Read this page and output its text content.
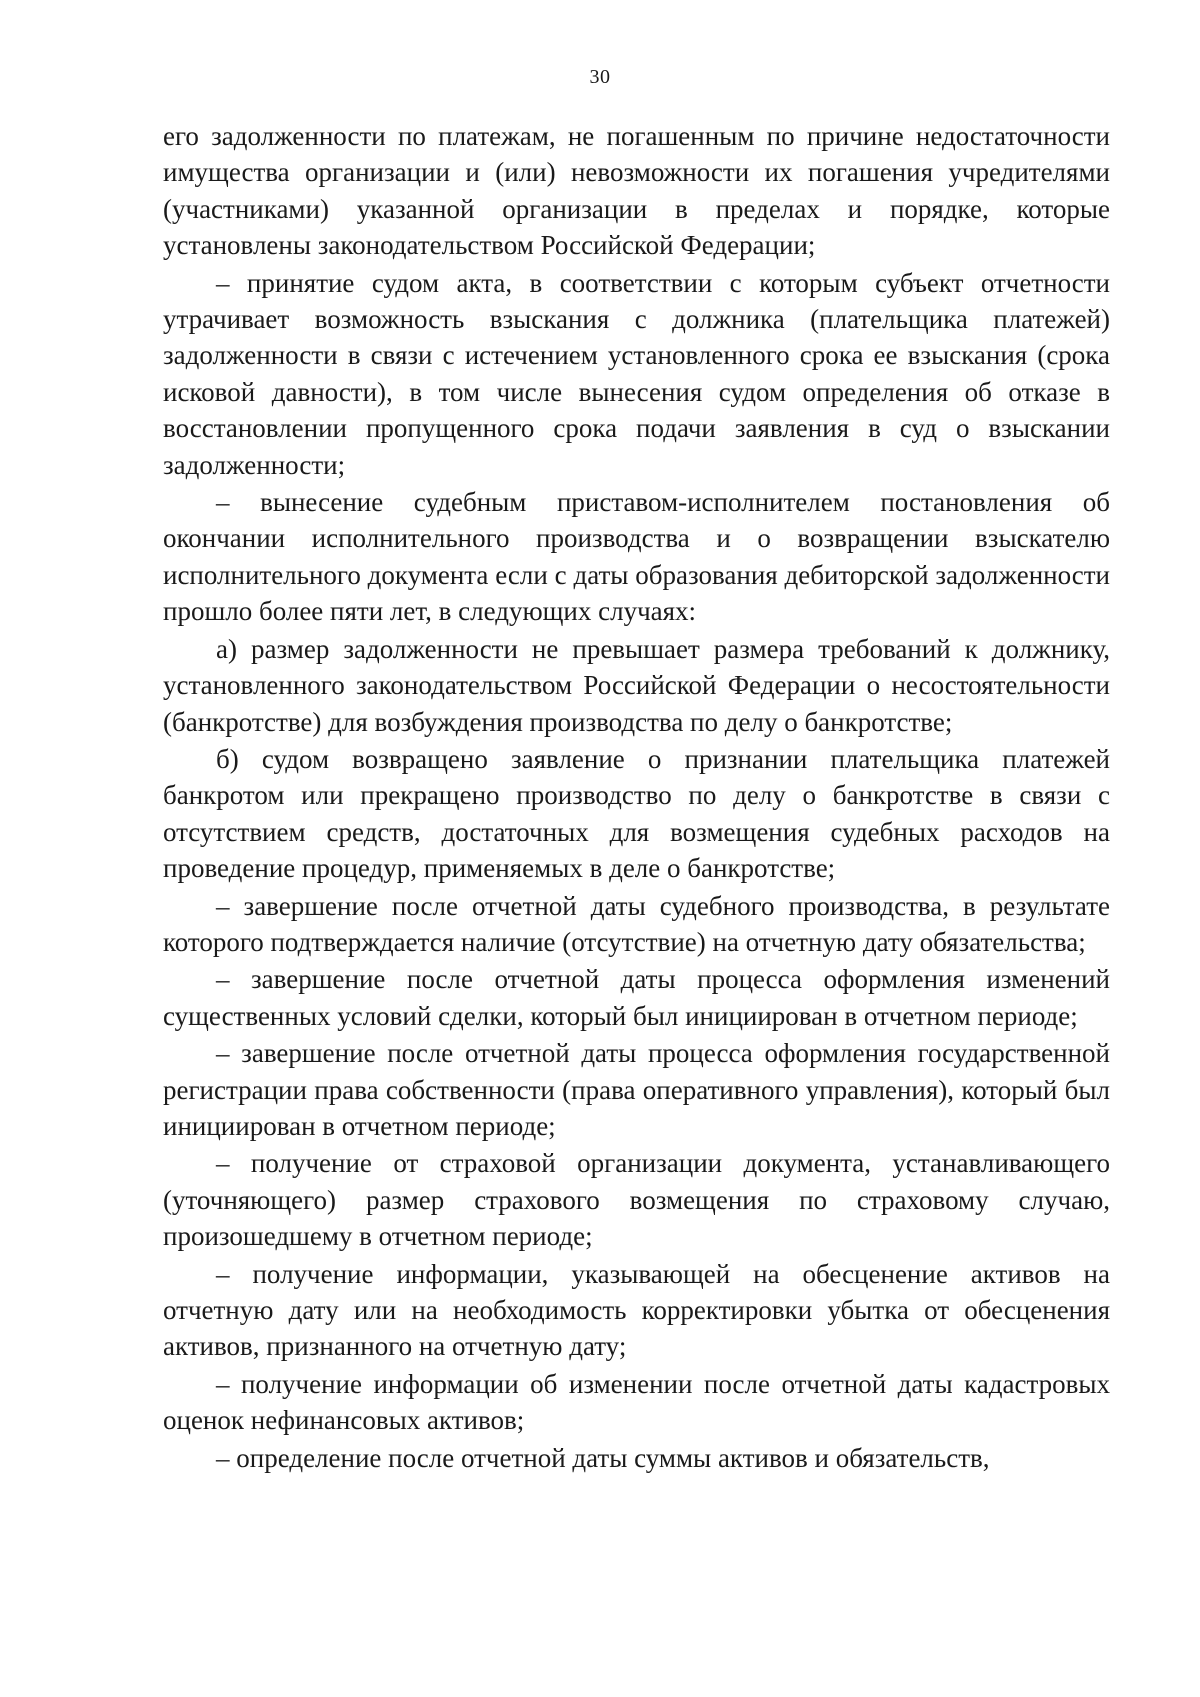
30

его задолженности по платежам, не погашенным по причине недостаточности имущества организации и (или) невозможности их погашения учредителями (участниками) указанной организации в пределах и порядке, которые установлены законодательством Российской Федерации;

– принятие судом акта, в соответствии с которым субъект отчетности утрачивает возможность взыскания с должника (плательщика платежей) задолженности в связи с истечением установленного срока ее взыскания (срока исковой давности), в том числе вынесения судом определения об отказе в восстановлении пропущенного срока подачи заявления в суд о взыскании задолженности;

– вынесение судебным приставом-исполнителем постановления об окончании исполнительного производства и о возвращении взыскателю исполнительного документа если с даты образования дебиторской задолженности прошло более пяти лет, в следующих случаях:

а) размер задолженности не превышает размера требований к должнику, установленного законодательством Российской Федерации о несостоятельности (банкротстве) для возбуждения производства по делу о банкротстве;

б) судом возвращено заявление о признании плательщика платежей банкротом или прекращено производство по делу о банкротстве в связи с отсутствием средств, достаточных для возмещения судебных расходов на проведение процедур, применяемых в деле о банкротстве;

– завершение после отчетной даты судебного производства, в результате которого подтверждается наличие (отсутствие) на отчетную дату обязательства;

– завершение после отчетной даты процесса оформления изменений существенных условий сделки, который был инициирован в отчетном периоде;

– завершение после отчетной даты процесса оформления государственной регистрации права собственности (права оперативного управления), который был инициирован в отчетном периоде;

– получение от страховой организации документа, устанавливающего (уточняющего) размер страхового возмещения по страховому случаю, произошедшему в отчетном периоде;

– получение информации, указывающей на обесценение активов на отчетную дату или на необходимость корректировки убытка от обесценения активов, признанного на отчетную дату;

– получение информации об изменении после отчетной даты кадастровых оценок нефинансовых активов;

– определение после отчетной даты суммы активов и обязательств,
